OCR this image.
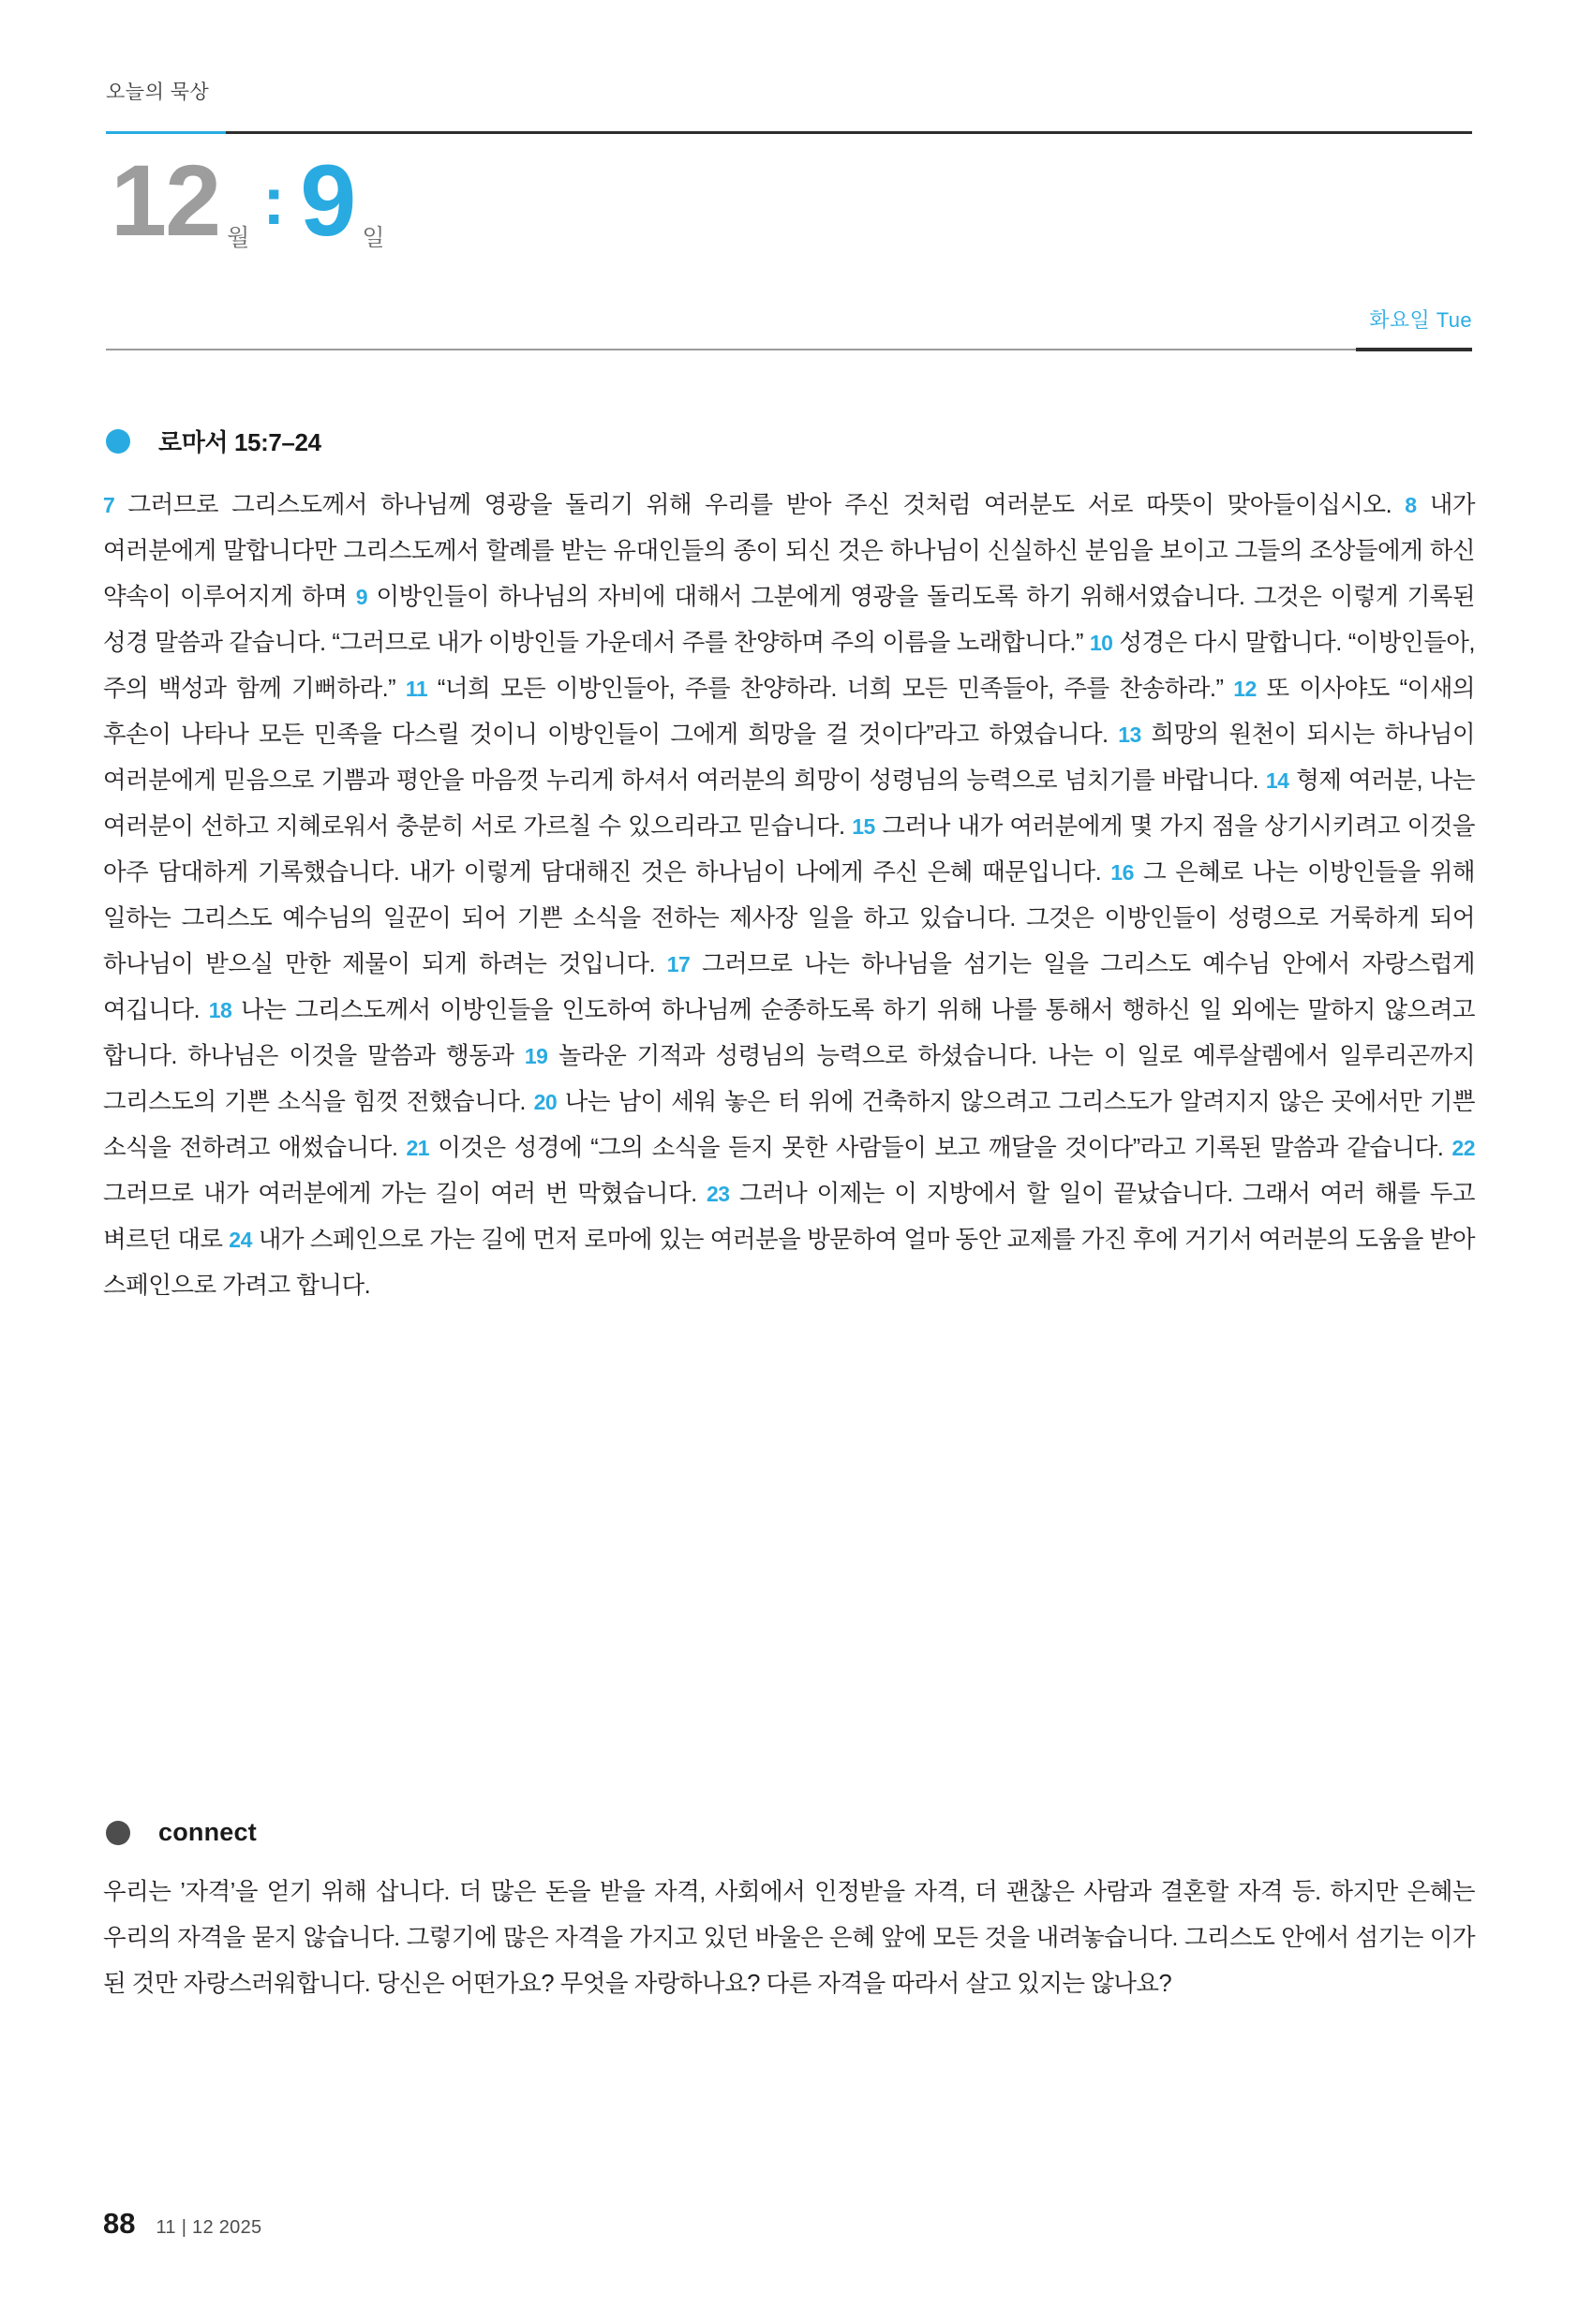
오늘의 묵상
12 월 : 9 일
화요일 Tue
로마서 15:7–24
7 그러므로 그리스도께서 하나님께 영광을 돌리기 위해 우리를 받아 주신 것처럼 여러분도 서로 따뜻이 맞아들이십시오. 8 내가 여러분에게 말합니다만 그리스도께서 할례를 받는 유대인들의 종이 되신 것은 하나님이 신실하신 분임을 보이고 그들의 조상들에게 하신 약속이 이루어지게 하며 9 이방인들이 하나님의 자비에 대해서 그분에게 영광을 돌리도록 하기 위해서였습니다. 그것은 이렇게 기록된 성경 말씀과 같습니다. “그러므로 내가 이방인들 가운데서 주를 찬양하며 주의 이름을 노래합니다.” 10 성경은 다시 말합니다. “이방인들아, 주의 백성과 함께 기뻐하라.” 11 “너희 모든 이방인들아, 주를 찬양하라. 너희 모든 민족들아, 주를 찬송하라.” 12 또 이사야도 “이새의 후손이 나타나 모든 민족을 다스릴 것이니 이방인들이 그에게 희망을 걸 것이다”라고 하였습니다. 13 희망의 원천이 되시는 하나님이 여러분에게 믿음으로 기쁨과 평안을 마음껏 누리게 하셔서 여러분의 희망이 성령님의 능력으로 넘치기를 바랍니다. 14 형제 여러분, 나는 여러분이 선하고 지혜로워서 충분히 서로 가르칠 수 있으리라고 믿습니다. 15 그러나 내가 여러분에게 몇 가지 점을 상기시키려고 이것을 아주 담대하게 기록했습니다. 내가 이렇게 담대해진 것은 하나님이 나에게 주신 은혜 때문입니다. 16 그 은혜로 나는 이방인들을 위해 일하는 그리스도 예수님의 일꾼이 되어 기쁜 소식을 전하는 제사장 일을 하고 있습니다. 그것은 이방인들이 성령으로 거룩하게 되어 하나님이 받으실 만한 제물이 되게 하려는 것입니다. 17 그러므로 나는 하나님을 섬기는 일을 그리스도 예수님 안에서 자랑스럽게 여깁니다. 18 나는 그리스도께서 이방인들을 인도하여 하나님께 순종하도록 하기 위해 나를 통해서 행하신 일 외에는 말하지 않으려고 합니다. 하나님은 이것을 말씀과 행동과 19 놀라운 기적과 성령님의 능력으로 하셨습니다. 나는 이 일로 예루살렘에서 일루리곤까지 그리스도의 기쁜 소식을 힘껏 전했습니다. 20 나는 남이 세워 놓은 터 위에 건축하지 않으려고 그리스도가 알려지지 않은 곳에서만 기쁜 소식을 전하려고 애썼습니다. 21 이것은 성경에 “그의 소식을 듣지 못한 사람들이 보고 깨달을 것이다”라고 기록된 말씀과 같습니다. 22 그러므로 내가 여러분에게 가는 길이 여러 번 막혔습니다. 23 그러나 이제는 이 지방에서 할 일이 끝났습니다. 그래서 여러 해를 두고 벼르던 대로 24 내가 스페인으로 가는 길에 먼저 로마에 있는 여러분을 방문하여 얼마 동안 교제를 가진 후에 거기서 여러분의 도움을 받아 스페인으로 가려고 합니다.
connect
우리는 ’자격’을 얻기 위해 삽니다. 더 많은 돈을 받을 자격, 사회에서 인정받을 자격, 더 괜찮은 사람과 결혼할 자격 등. 하지만 은혜는 우리의 자격을 묻지 않습니다. 그렇기에 많은 자격을 가지고 있던 바울은 은혜 앞에 모든 것을 내려놓습니다. 그리스도 안에서 섬기는 이가 된 것만 자랑스러워합니다. 당신은 어떤가요? 무엇을 자랑하나요? 다른 자격을 따라서 살고 있지는 않나요?
88 11 | 12 2025
